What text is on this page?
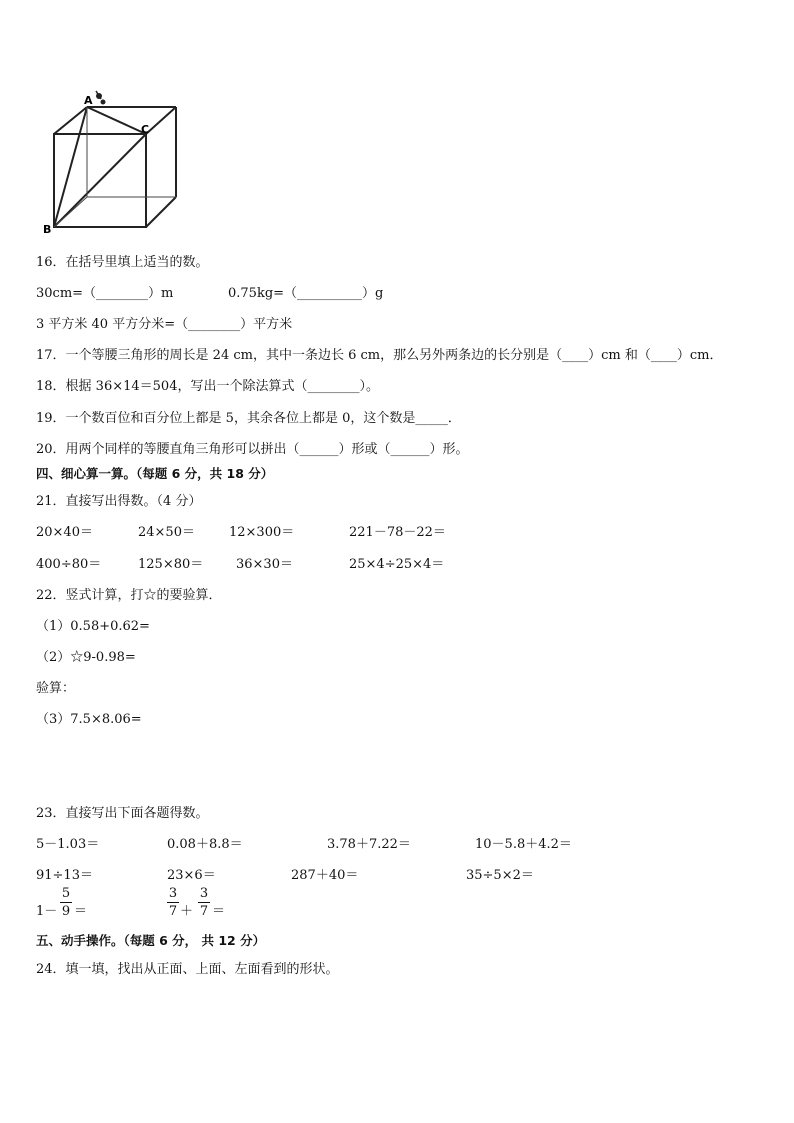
A
B
C
16．在括号里填上适当的数。
30cm=（________）m	0.75kg=（__________）g
3 平方米 40 平方分米=（________）平方米
17．一个等腰三角形的周长是 24 cm，其中一条边长 6 cm，那么另外两条边的长分别是（____）cm 和（____）cm．
18．根据 36×14＝504，写出一个除法算式（________）。
19．一个数百位和百分位上都是 5，其余各位上都是 0，这个数是_____．
20．用两个同样的等腰直角三角形可以拼出（______）形或（______）形。
四、细心算一算。（每题 6 分，共 18 分）
21．直接写出得数。（4 分）
20×40＝	24×50＝	12×300＝	221－78－22＝
400÷80＝	125×80＝	36×30＝	25×4÷25×4＝
22．竖式计算，打☆的要验算．
（1）0.58+0.62=
（2）☆9-0.98=
验算：
（3）7.5×8.06=
23．直接写出下面各题得数。
5－1.03＝	0.08＋8.8＝	3.78＋7.22＝	10－5.8＋4.2＝
91÷13＝	23×6＝	287＋40＝	35÷5×2＝
1－
5
9 ＝
3
7 ＋
3
7 ＝
五、动手操作。（每题 6 分， 共 12 分）
24．填一填，找出从正面、上面、左面看到的形状。
